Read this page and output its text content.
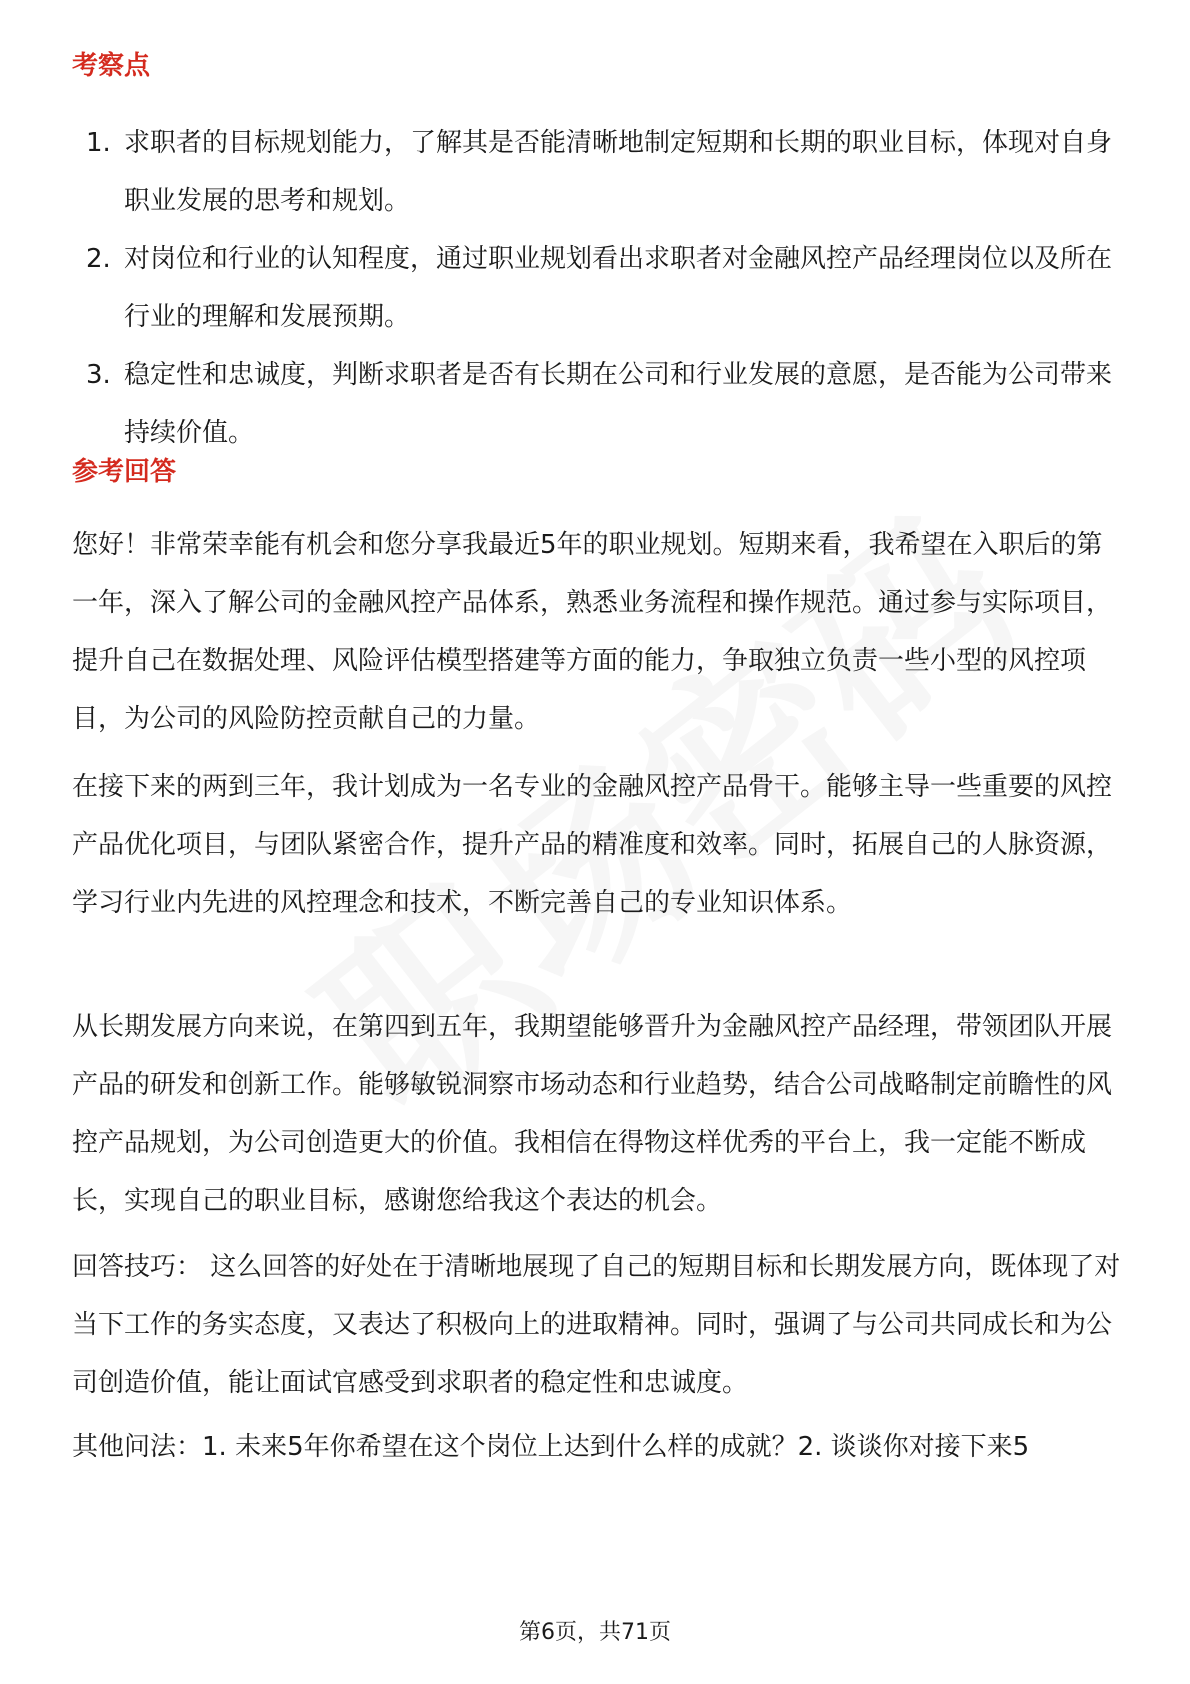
考察点
1. 求职者的目标规划能力，了解其是否能清晰地制定短期和长期的职业目标，体现对自身职业发展的思考和规划。

2. 对岗位和行业的认知程度，通过职业规划看出求职者对金融风控产品经理岗位以及所在行业的理解和发展预期。

3. 稳定性和忠诚度，判断求职者是否有长期在公司和行业发展的意愿，是否能为公司带来持续价值。

参考回答

您好！非常荣幸能有机会和您分享我最近5年的职业规划。短期来看，我希望在入职后的第一年，深入了解公司的金融风控产品体系，熟悉业务流程和操作规范。通过参与实际项目，提升自己在数据处理、风险评估模型搭建等方面的能力，争取独立负责一些小型的风控项目，为公司的风险防控贡献自己的力量。

在接下来的两到三年，我计划成为一名专业的金融风控产品骨干。能够主导一些重要的风控产品优化项目，与团队紧密合作，提升产品的精准度和效率。同时，拓展自己的人脉资源，学习行业内先进的风控理念和技术，不断完善自己的专业知识体系。

从长期发展方向来说，在第四到五年，我期望能够晋升为金融风控产品经理，带领团队开展产品的研发和创新工作。能够敏锐洞察市场动态和行业趋势，结合公司战略制定前瞻性的风控产品规划，为公司创造更大的价值。我相信在得物这样优秀的平台上，我一定能不断成长，实现自己的职业目标，感谢您给我这个表达的机会。

回答技巧： 这么回答的好处在于清晰地展现了自己的短期目标和长期发展方向，既体现了对当下工作的务实态度，又表达了积极向上的进取精神。同时，强调了与公司共同成长和为公司创造价值，能让面试官感受到求职者的稳定性和忠诚度。

其他问法：1. 未来5年你希望在这个岗位上达到什么样的成就？2. 谈谈你对接下来5

第6页，共71页
